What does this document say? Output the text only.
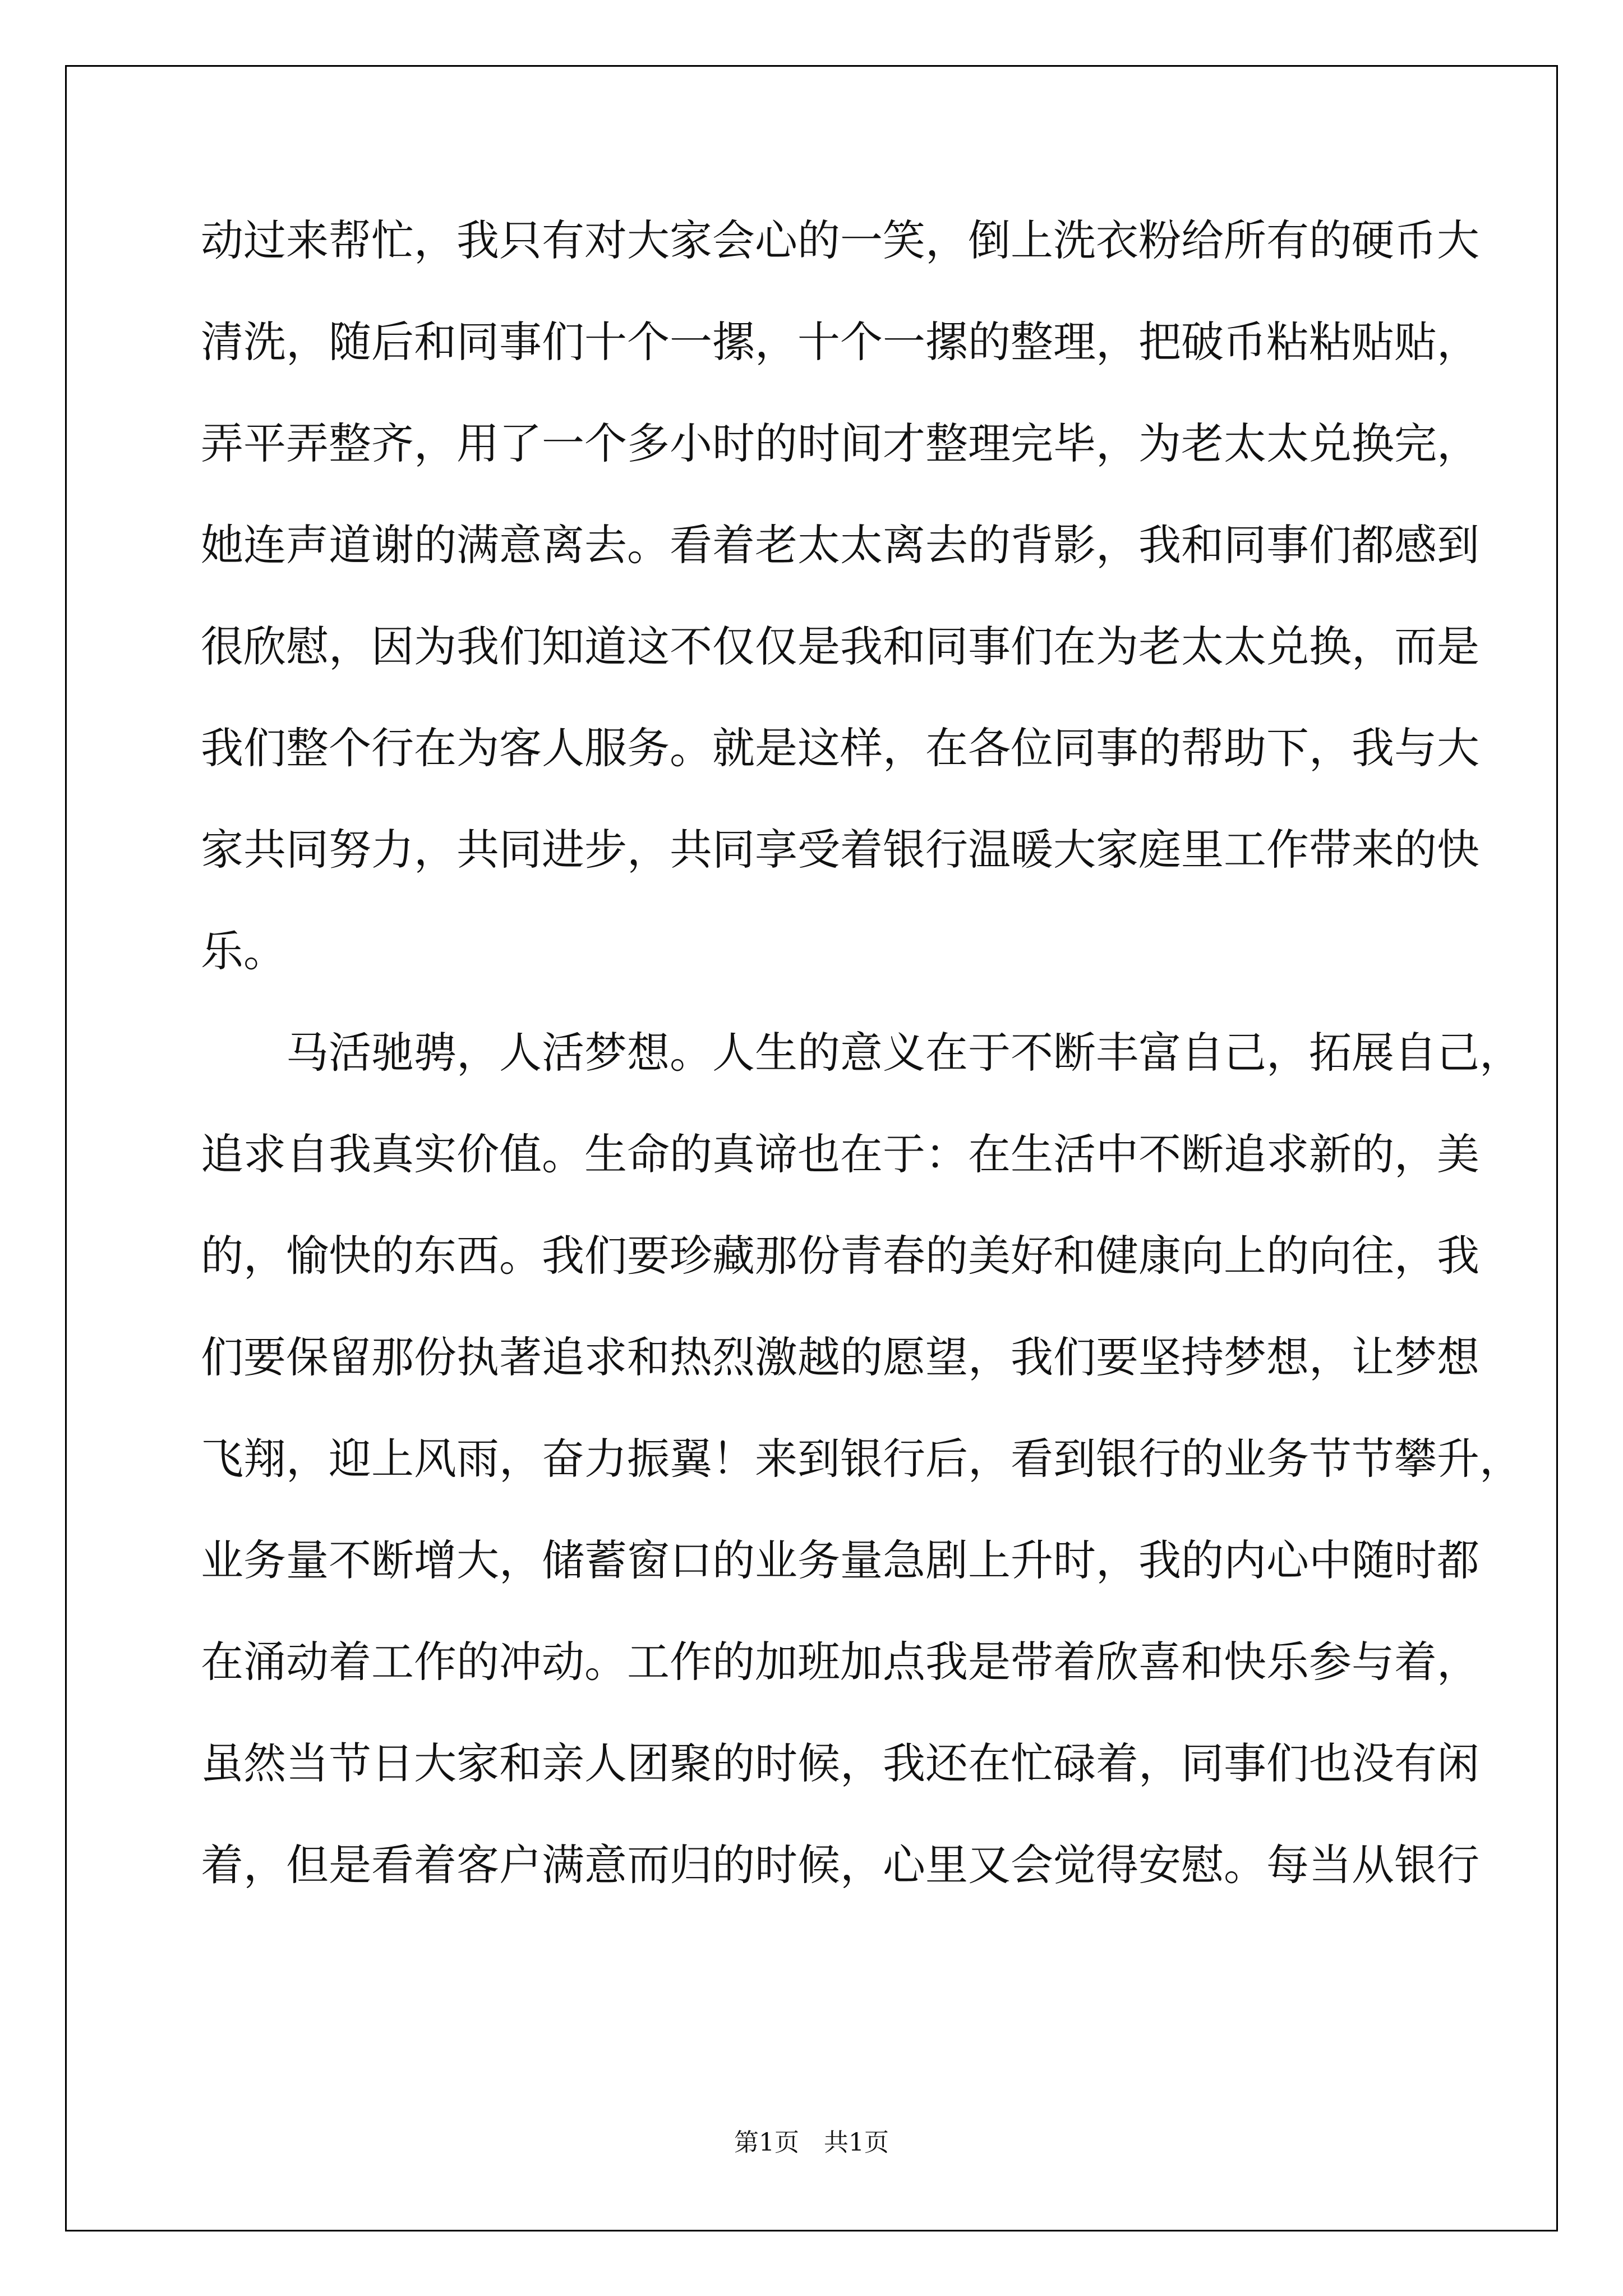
动过来帮忙，我只有对大家会心的一笑，倒上洗衣粉给所有的硬币大
清洗，随后和同事们十个一摞，十个一摞的整理，把破币粘粘贴贴，
弄平弄整齐，用了一个多小时的时间才整理完毕，为老太太兑换完，
她连声道谢的满意离去。看着老太太离去的背影，我和同事们都感到
很欣慰，因为我们知道这不仅仅是我和同事们在为老太太兑换，而是
我们整个行在为客人服务。就是这样，在各位同事的帮助下，我与大
家共同努力，共同进步，共同享受着银行温暖大家庭里工作带来的快
乐。
　　马活驰骋，人活梦想。人生的意义在于不断丰富自己，拓展自己，
追求自我真实价值。生命的真谛也在于：在生活中不断追求新的，美
的，愉快的东西。我们要珍藏那份青春的美好和健康向上的向往，我
们要保留那份执著追求和热烈激越的愿望，我们要坚持梦想，让梦想
飞翔，迎上风雨，奋力振翼！来到银行后，看到银行的业务节节攀升，
业务量不断增大，储蓄窗口的业务量急剧上升时，我的内心中随时都
在涌动着工作的冲动。工作的加班加点我是带着欣喜和快乐参与着，
虽然当节日大家和亲人团聚的时候，我还在忙碌着，同事们也没有闲
着，但是看着客户满意而归的时候，心里又会觉得安慰。每当从银行
第1页　共1页
